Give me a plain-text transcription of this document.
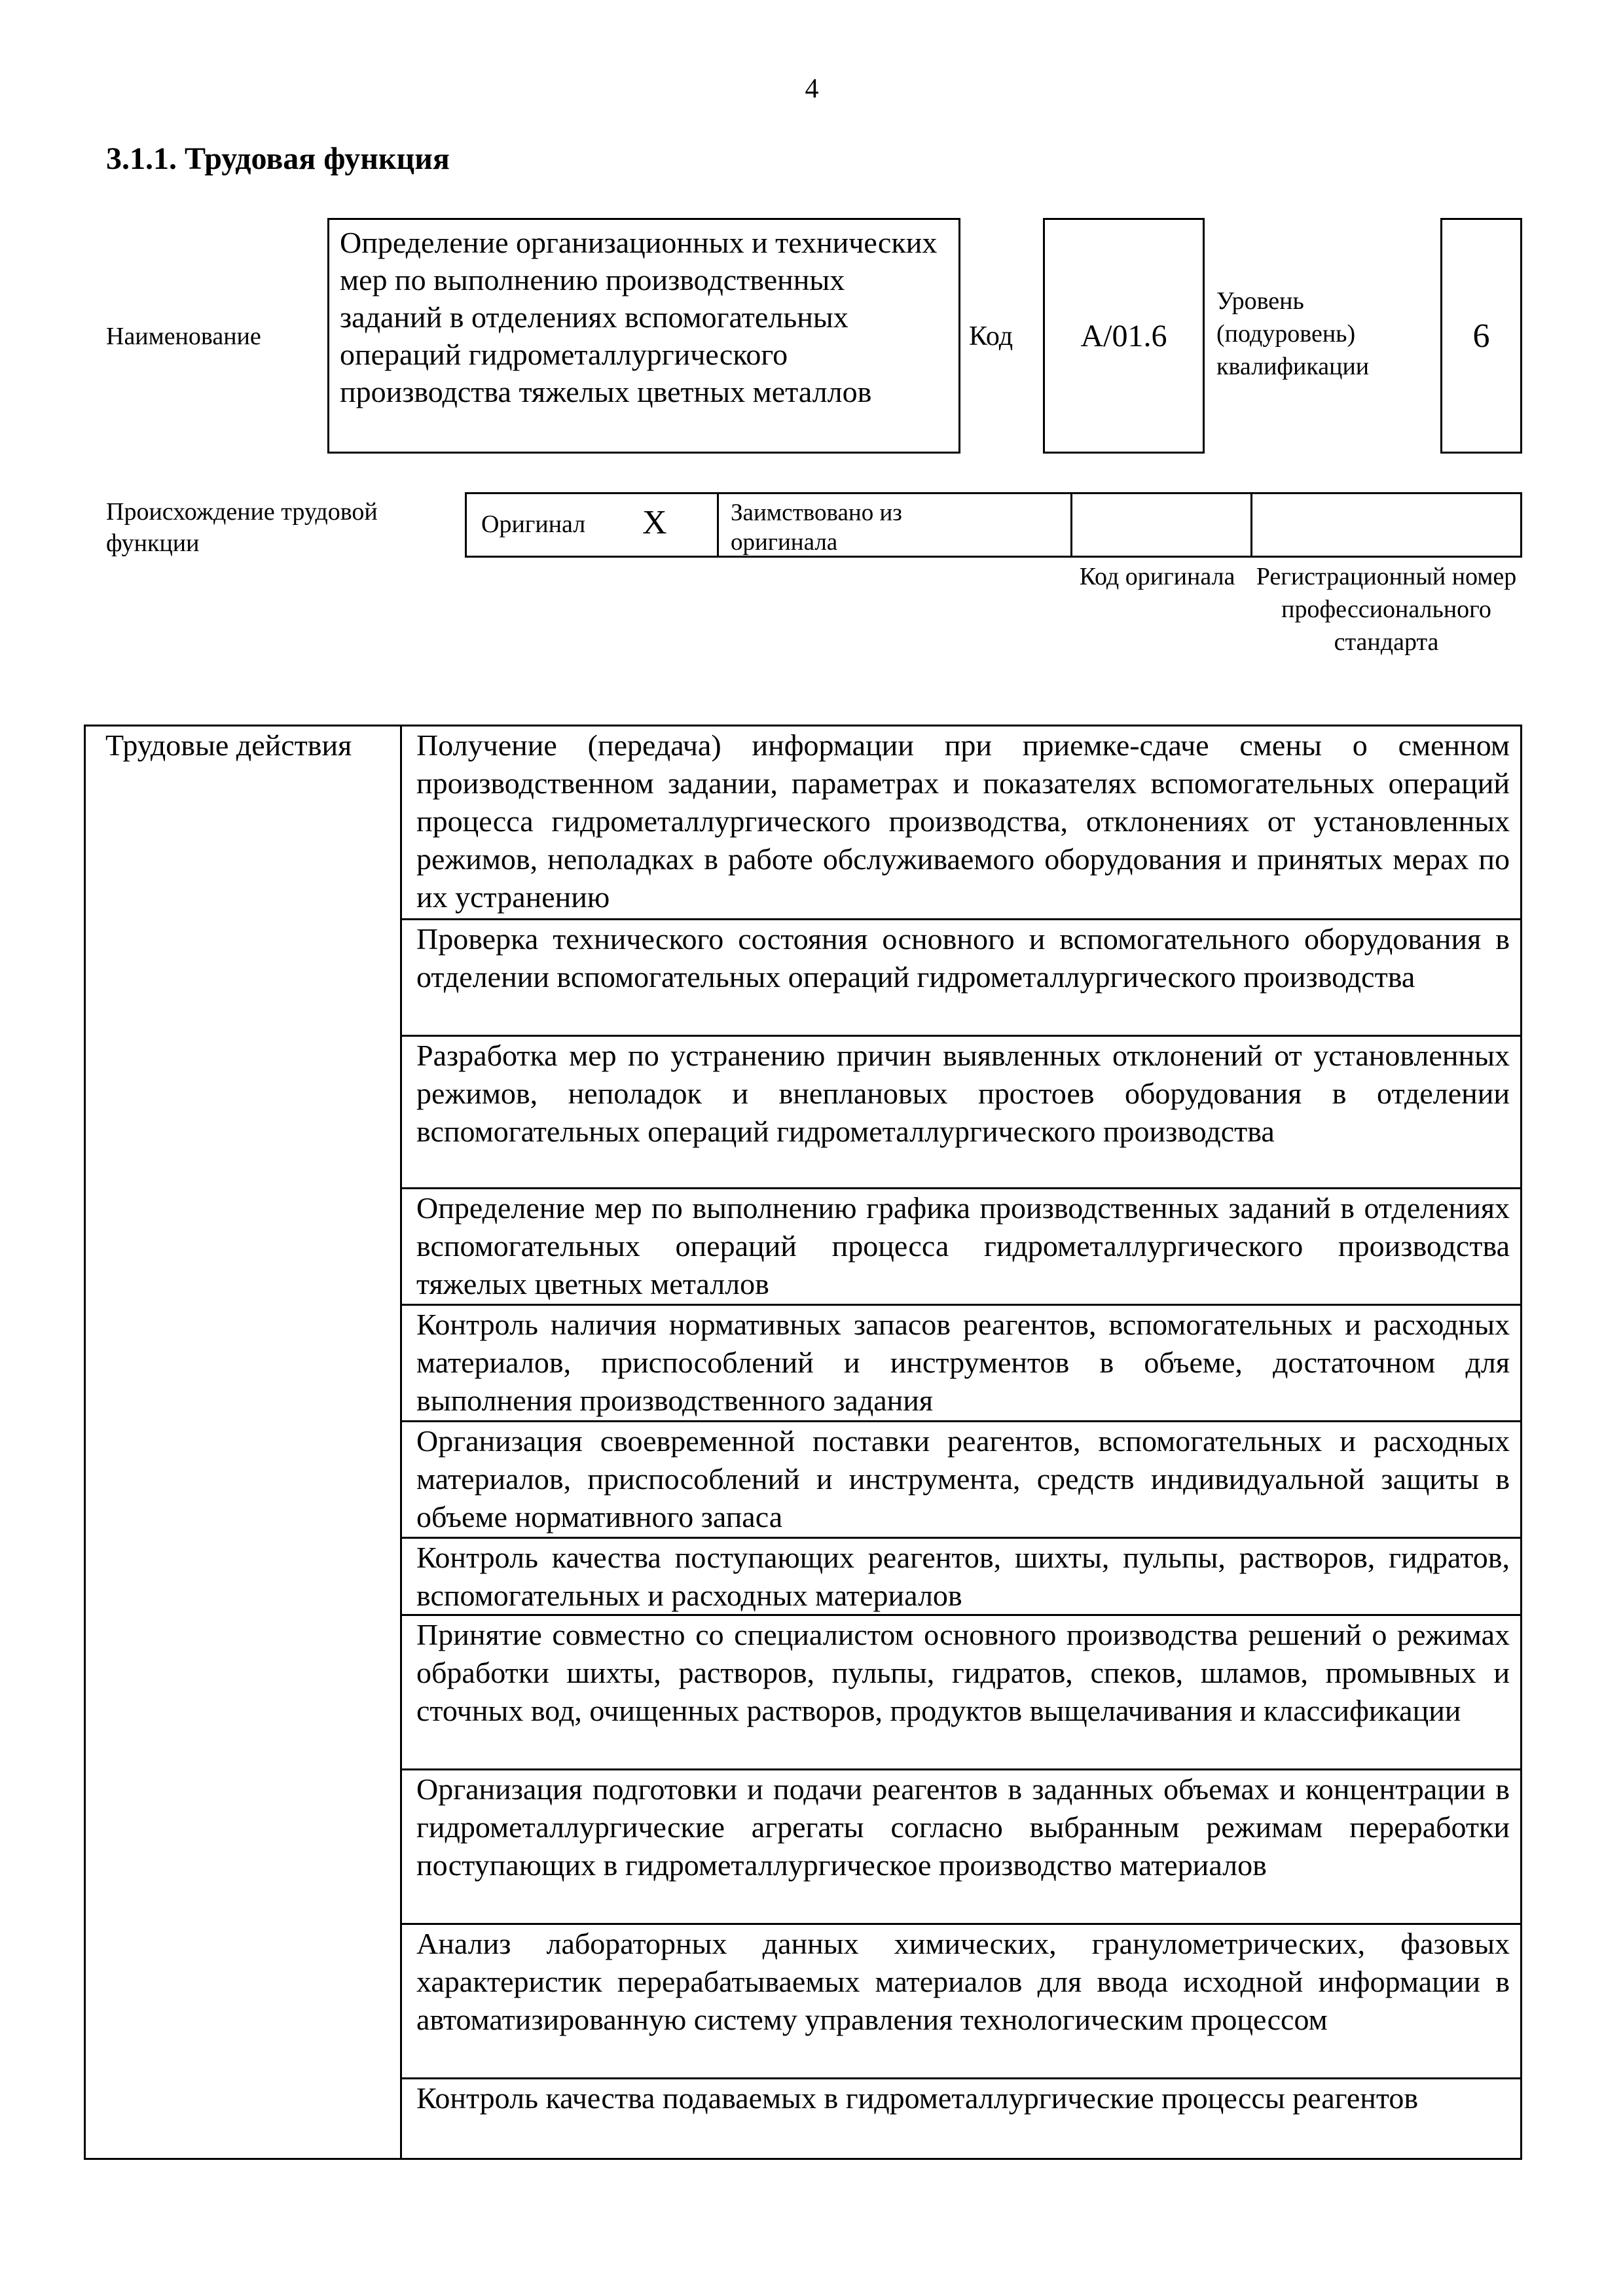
4
3.1.1. Трудовая функция
Наименование
Определение организационных и технических мер по выполнению производственных заданий в отделениях вспомогательных операций гидрометаллургического производства тяжелых цветных металлов
Код A/01.6
Уровень (подуровень) квалификации
6
Происхождение трудовой функции
Оригинал X	Заимствовано из оригинала
Код оригинала Регистрационный номер профессионального стандарта
Трудовые действия	Получение (передача) информации при приемке-сдаче смены о сменном производственном задании, параметрах и показателях вспомогательных операций процесса гидрометаллургического производства, отклонениях от установленных режимов, неполадках в работе обслуживаемого оборудования и принятых мерах по их устранению
Проверка технического состояния основного и вспомогательного оборудования в отделении вспомогательных операций гидрометаллургического производства
Разработка мер по устранению причин выявленных отклонений от установленных режимов, неполадок и внеплановых простоев оборудования в отделении вспомогательных операций гидрометаллургического производства
Определение мер по выполнению графика производственных заданий в отделениях вспомогательных операций процесса гидрометаллургического производства тяжелых цветных металлов
Контроль наличия нормативных запасов реагентов, вспомогательных и расходных материалов, приспособлений и инструментов в объеме, достаточном для выполнения производственного задания
Организация своевременной поставки реагентов, вспомогательных и расходных материалов, приспособлений и инструмента, средств индивидуальной защиты в объеме нормативного запаса
Контроль качества поступающих реагентов, шихты, пульпы, растворов, гидратов, вспомогательных и расходных материалов
Принятие совместно со специалистом основного производства решений о режимах обработки шихты, растворов, пульпы, гидратов, спеков, шламов, промывных и сточных вод, очищенных растворов, продуктов выщелачивания и классификации
Организация подготовки и подачи реагентов в заданных объемах и концентрации в гидрометаллургические агрегаты согласно выбранным режимам переработки поступающих в гидрометаллургическое производство материалов
Анализ лабораторных данных химических, гранулометрических, фазовых характеристик перерабатываемых материалов для ввода исходной информации в автоматизированную систему управления технологическим процессом
Контроль качества подаваемых в гидрометаллургические процессы реагентов
